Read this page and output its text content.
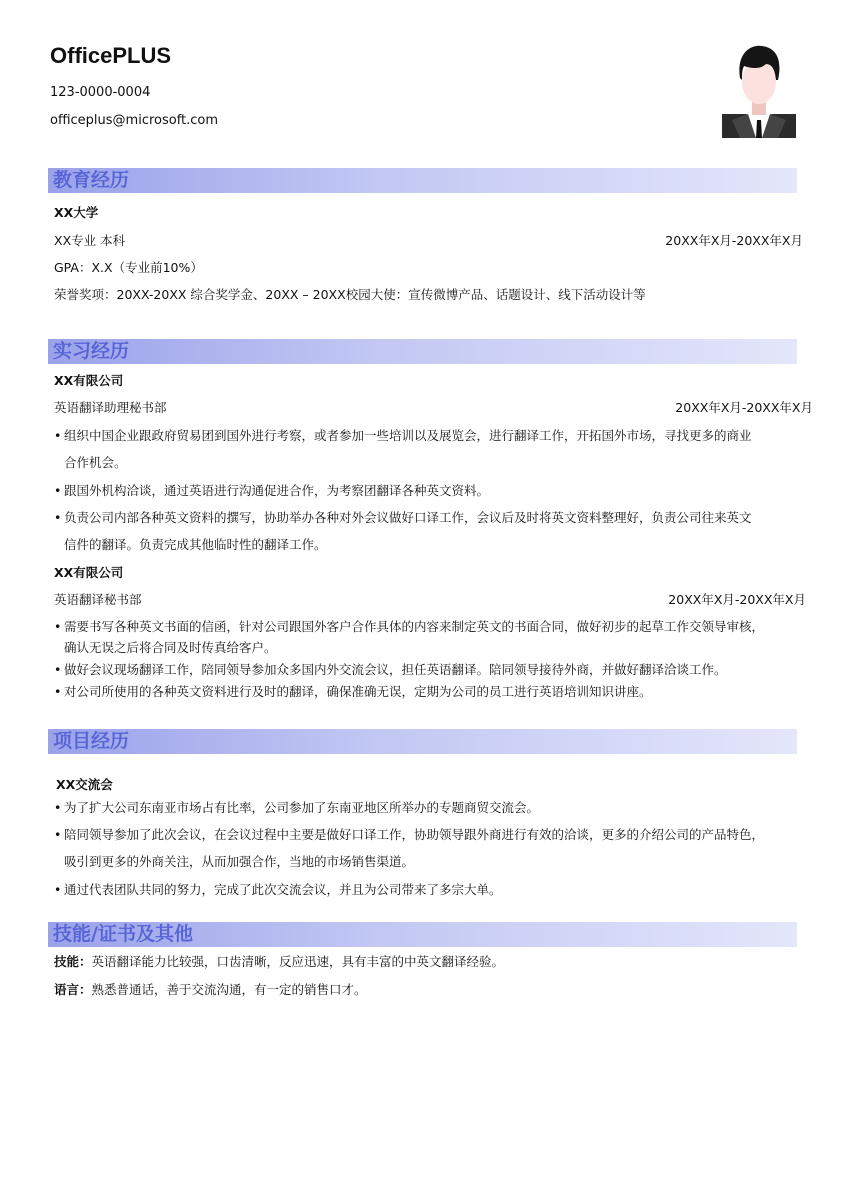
OfficePLUS
123-0000-0004
officeplus@microsoft.com
教育经历
XX大学
XX专业 本科	20XX年X月-20XX年X月
GPA：X.X（专业前10%）
荣誉奖项：20XX-20XX 综合奖学金、20XX – 20XX校园大使：宣传微博产品、话题设计、线下活动设计等
实习经历
XX有限公司
英语翻译助理秘书部	20XX年X月-20XX年X月
• 组织中国企业跟政府贸易团到国外进行考察，或者参加一些培训以及展览会，进行翻译工作，开拓国外市场，寻找更多的商业
合作机会。
• 跟国外机构洽谈，通过英语进行沟通促进合作，为考察团翻译各种英文资料。
• 负责公司内部各种英文资料的撰写，协助举办各种对外会议做好口译工作，会议后及时将英文资料整理好，负责公司往来英文
信件的翻译。负责完成其他临时性的翻译工作。
XX有限公司
英语翻译秘书部	20XX年X月-20XX年X月
• 需要书写各种英文书面的信函，针对公司跟国外客户合作具体的内容来制定英文的书面合同，做好初步的起草工作交领导审核，
确认无误之后将合同及时传真给客户。
• 做好会议现场翻译工作，陪同领导参加众多国内外交流会议，担任英语翻译。陪同领导接待外商，并做好翻译洽谈工作。
• 对公司所使用的各种英文资料进行及时的翻译，确保准确无误，定期为公司的员工进行英语培训知识讲座。
项目经历
XX交流会
• 为了扩大公司东南亚市场占有比率，公司参加了东南亚地区所举办的专题商贸交流会。
• 陪同领导参加了此次会议，在会议过程中主要是做好口译工作，协助领导跟外商进行有效的洽谈，更多的介绍公司的产品特色，
吸引到更多的外商关注，从而加强合作，当地的市场销售渠道。
• 通过代表团队共同的努力，完成了此次交流会议，并且为公司带来了多宗大单。
技能/证书及其他
技能：英语翻译能力比较强，口齿清晰，反应迅速，具有丰富的中英文翻译经验。
语言：熟悉普通话，善于交流沟通，有一定的销售口才。
